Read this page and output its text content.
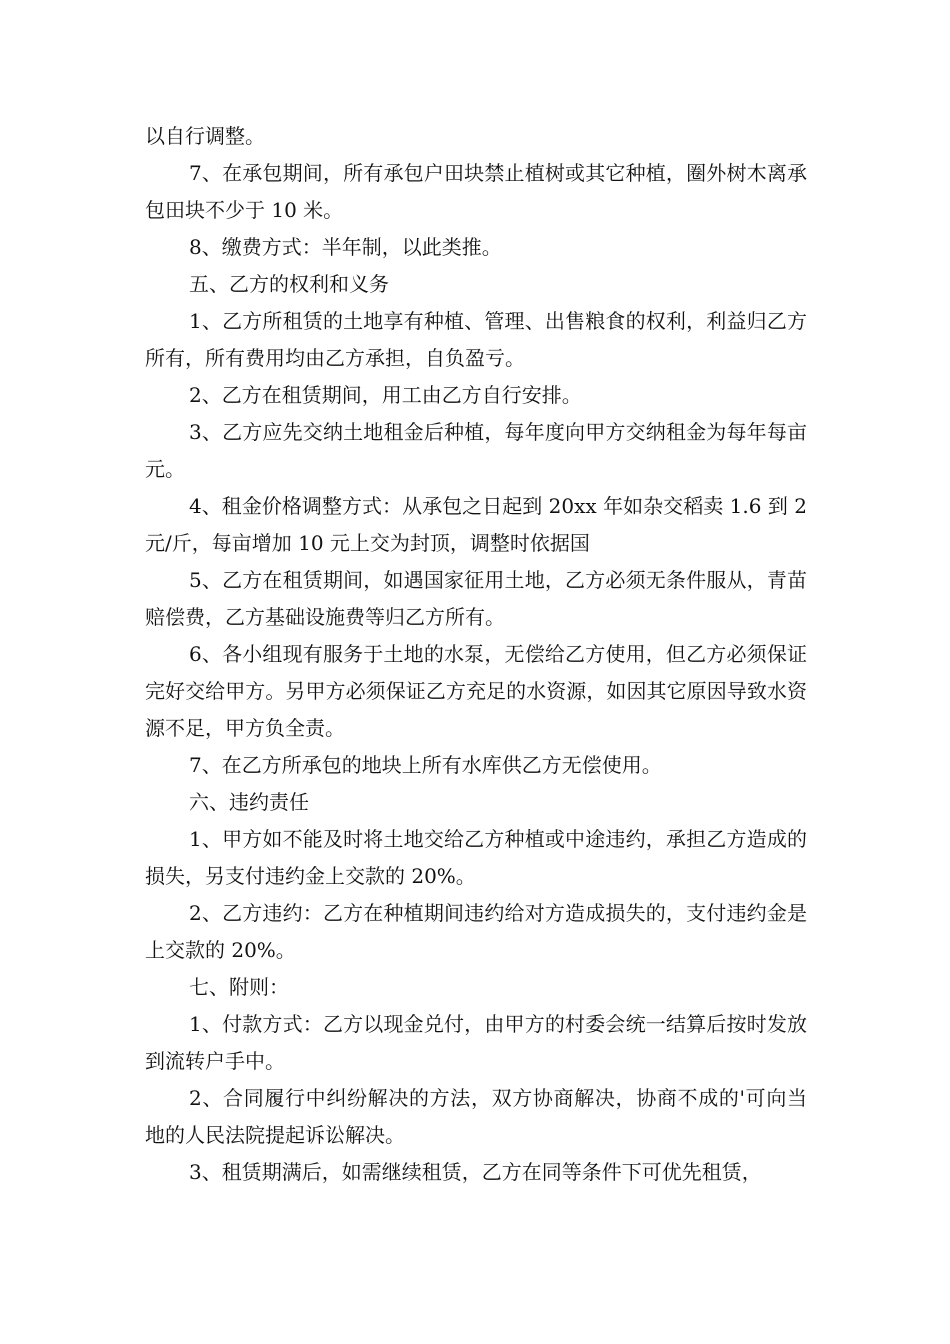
以自行调整。

7、在承包期间，所有承包户田块禁止植树或其它种植，圈外树木离承包田块不少于 10 米。

8、缴费方式：半年制，以此类推。

五、乙方的权利和义务

1、乙方所租赁的土地享有种植、管理、出售粮食的权利，利益归乙方所有，所有费用均由乙方承担，自负盈亏。

2、乙方在租赁期间，用工由乙方自行安排。

3、乙方应先交纳土地租金后种植，每年度向甲方交纳租金为每年每亩 元。

4、租金价格调整方式：从承包之日起到 20xx 年如杂交稻卖 1.6 到 2 元/斤，每亩增加 10 元上交为封顶，调整时依据国

5、乙方在租赁期间，如遇国家征用土地，乙方必须无条件服从，青苗赔偿费，乙方基础设施费等归乙方所有。

6、各小组现有服务于土地的水泵，无偿给乙方使用，但乙方必须保证完好交给甲方。另甲方必须保证乙方充足的水资源，如因其它原因导致水资源不足，甲方负全责。

7、在乙方所承包的地块上所有水库供乙方无偿使用。

六、违约责任

1、甲方如不能及时将土地交给乙方种植或中途违约，承担乙方造成的损失，另支付违约金上交款的 20%。

2、乙方违约：乙方在种植期间违约给对方造成损失的，支付违约金是上交款的 20%。

七、附则：

1、付款方式：乙方以现金兑付，由甲方的村委会统一结算后按时发放到流转户手中。

2、合同履行中纠纷解决的方法，双方协商解决，协商不成的'可向当地的人民法院提起诉讼解决。

3、租赁期满后，如需继续租赁，乙方在同等条件下可优先租赁，
